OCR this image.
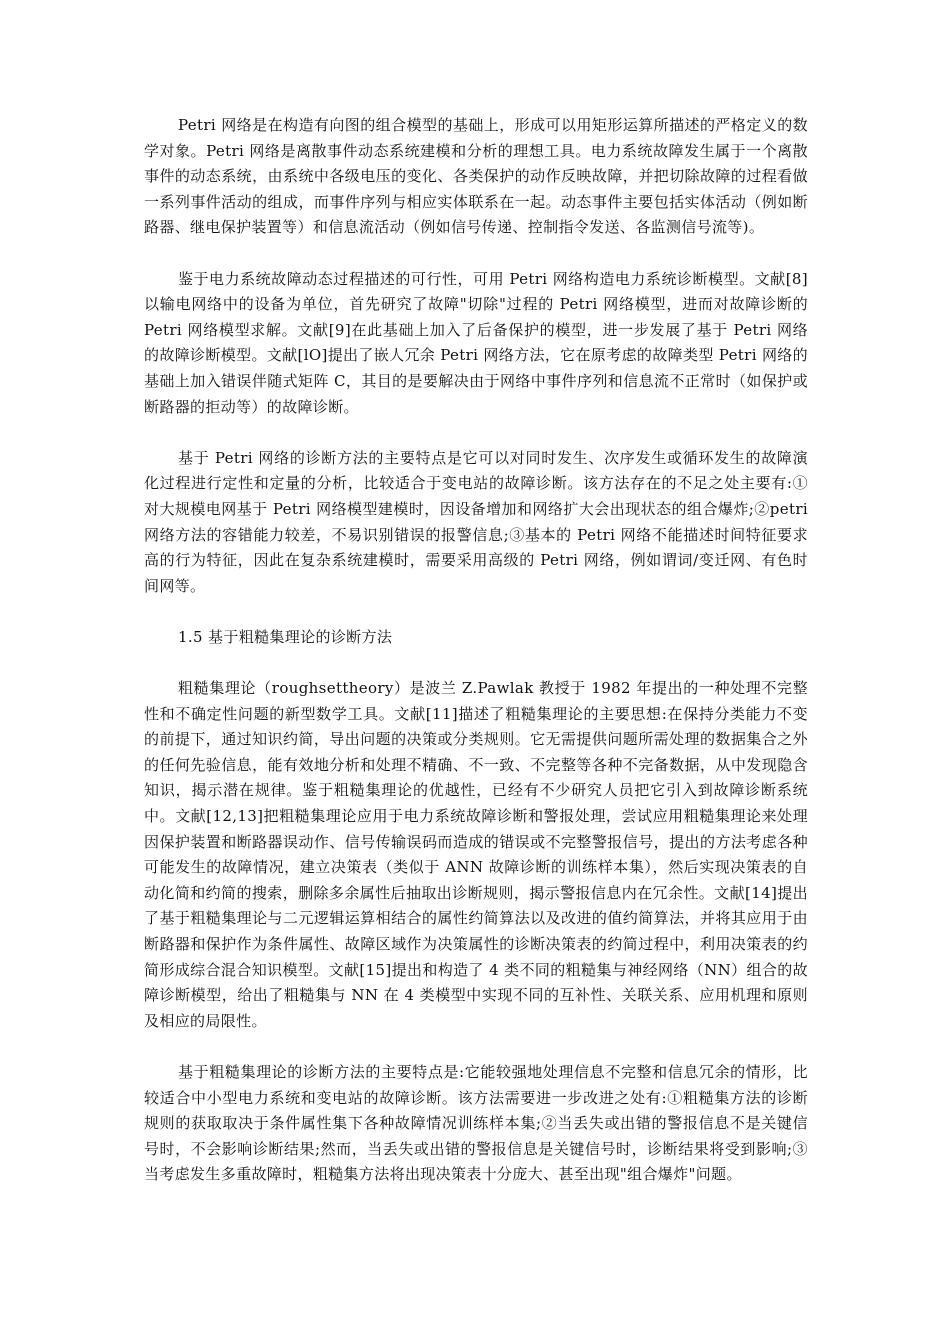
Petri 网络是在构造有向图的组合模型的基础上，形成可以用矩形运算所描述的严格定义的数学对象。Petri 网络是离散事件动态系统建模和分析的理想工具。电力系统故障发生属于一个离散事件的动态系统，由系统中各级电压的变化、各类保护的动作反映故障，并把切除故障的过程看做一系列事件活动的组成，而事件序列与相应实体联系在一起。动态事件主要包括实体活动（例如断路器、继电保护装置等）和信息流活动（例如信号传递、控制指令发送、各监测信号流等)。

鉴于电力系统故障动态过程描述的可行性，可用 Petri 网络构造电力系统诊断模型。文献[8]以输电网络中的设备为单位，首先研究了故障"切除"过程的 Petri 网络模型，进而对故障诊断的 Petri 网络模型求解。文献[9]在此基础上加入了后备保护的模型，进一步发展了基于 Petri 网络的故障诊断模型。文献[lO]提出了嵌人冗余 Petri 网络方法，它在原考虑的故障类型 Petri 网络的基础上加入错误伴随式矩阵 C，其目的是要解决由于网络中事件序列和信息流不正常时（如保护或断路器的拒动等）的故障诊断。

基于 Petri 网络的诊断方法的主要特点是它可以对同时发生、次序发生或循环发生的故障演化过程进行定性和定量的分析，比较适合于变电站的故障诊断。该方法存在的不足之处主要有:①对大规模电网基于 Petri 网络模型建模时，因设备增加和网络扩大会出现状态的组合爆炸;②petri 网络方法的容错能力较差，不易识别错误的报警信息;③基本的 Petri 网络不能描述时间特征要求高的行为特征，因此在复杂系统建模时，需要采用高级的 Petri 网络，例如谓词/变迁网、有色时间网等。

1.5 基于粗糙集理论的诊断方法

粗糙集理论（roughsettheory）是波兰 Z.Pawlak 教授于 1982 年提出的一种处理不完整性和不确定性问题的新型数学工具。文献[11]描述了粗糙集理论的主要思想:在保持分类能力不变的前提下，通过知识约简，导出问题的决策或分类规则。它无需提供问题所需处理的数据集合之外的任何先验信息，能有效地分析和处理不精确、不一致、不完整等各种不完备数据，从中发现隐含知识，揭示潜在规律。鉴于粗糙集理论的优越性，已经有不少研究人员把它引入到故障诊断系统中。文献[12,13]把粗糙集理论应用于电力系统故障诊断和警报处理，尝试应用粗糙集理论来处理因保护装置和断路器误动作、信号传输误码而造成的错误或不完整警报信号，提出的方法考虑各种可能发生的故障情况，建立决策表（类似于 ANN 故障诊断的训练样本集），然后实现决策表的自动化简和约简的搜索，删除多余属性后抽取出诊断规则，揭示警报信息内在冗余性。文献[14]提出了基于粗糙集理论与二元逻辑运算相结合的属性约简算法以及改进的值约简算法，并将其应用于由断路器和保护作为条件属性、故障区域作为决策属性的诊断决策表的约简过程中，利用决策表的约简形成综合混合知识模型。文献[15]提出和构造了 4 类不同的粗糙集与神经网络（NN）组合的故障诊断模型，给出了粗糙集与 NN 在 4 类模型中实现不同的互补性、关联关系、应用机理和原则及相应的局限性。

基于粗糙集理论的诊断方法的主要特点是:它能较强地处理信息不完整和信息冗余的情形，比较适合中小型电力系统和变电站的故障诊断。该方法需要进一步改进之处有:①粗糙集方法的诊断规则的获取取决于条件属性集下各种故障情况训练样本集;②当丢失或出错的警报信息不是关键信号时，不会影响诊断结果;然而，当丢失或出错的警报信息是关键信号时，诊断结果将受到影响;③当考虑发生多重故障时，粗糙集方法将出现决策表十分庞大、甚至出现"组合爆炸"问题。
